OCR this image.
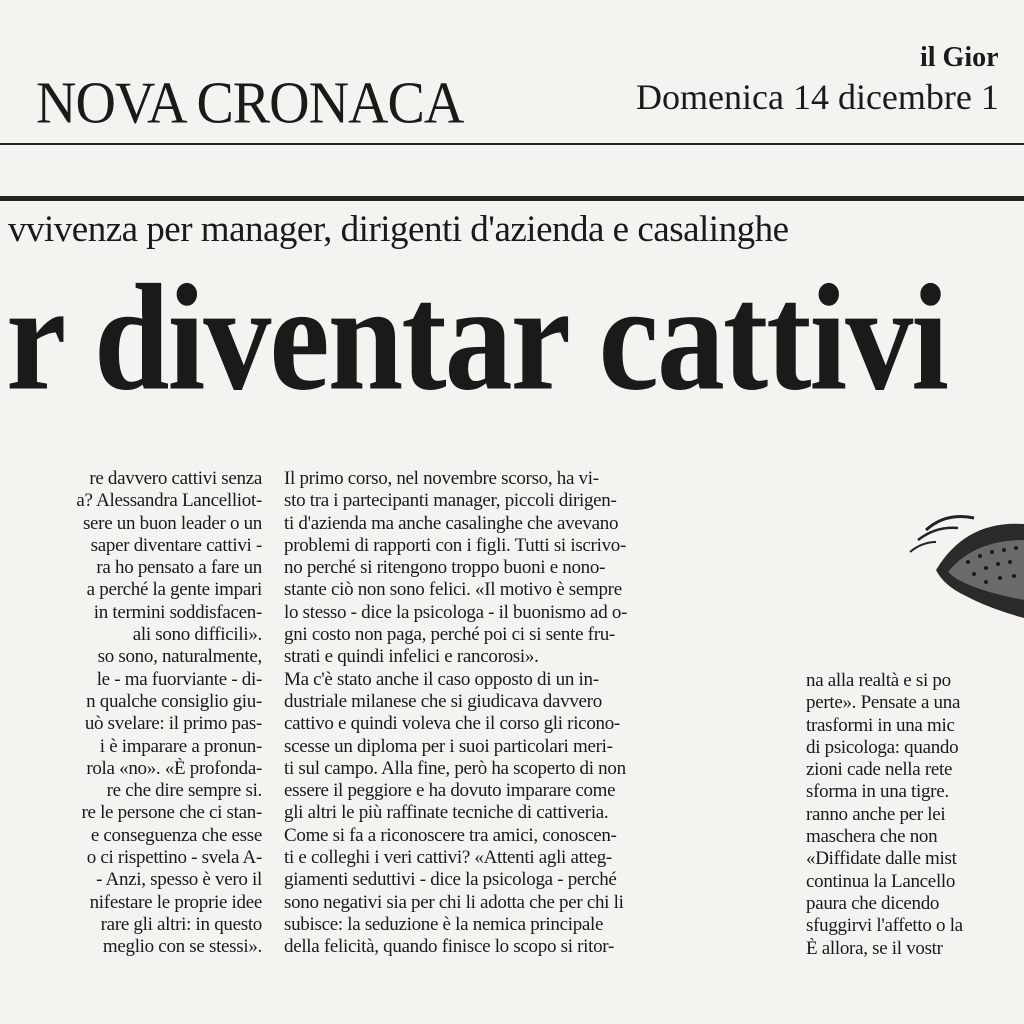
il Gior
NOVA CRONACA	Domenica 14 dicembre 1
vvivenza per manager, dirigenti d'azienda e casalinghe
r diventar cattivi
re davvero cattivi senza
a? Alessandra Lancelliot-
sere un buon leader o un
saper diventare cattivi -
ra ho pensato a fare un
a perché la gente impari
in termini soddisfacen-
ali sono difficili».
so sono, naturalmente,
le - ma fuorviante - di-
n qualche consiglio giu-
uò svelare: il primo pas-
i è imparare a pronun-
rola «no». «È profonda-
re che dire sempre si.
re le persone che ci stan-
e conseguenza che esse
o ci rispettino - svela A-
- Anzi, spesso è vero il
nifestare le proprie idee
rare gli altri: in questo
meglio con se stessi».
Il primo corso, nel novembre scorso, ha vi-
sto tra i partecipanti manager, piccoli dirigen-
ti d'azienda ma anche casalinghe che avevano
problemi di rapporti con i figli. Tutti si iscrivo-
no perché si ritengono troppo buoni e nono-
stante ciò non sono felici. «Il motivo è sempre
lo stesso - dice la psicologa - il buonismo ad o-
gni costo non paga, perché poi ci si sente fru-
strati e quindi infelici e rancorosi».
Ma c'è stato anche il caso opposto di un in-
dustriale milanese che si giudicava davvero
cattivo e quindi voleva che il corso gli ricono-
scesse un diploma per i suoi particolari meri-
ti sul campo. Alla fine, però ha scoperto di non
essere il peggiore e ha dovuto imparare come
gli altri le più raffinate tecniche di cattiveria.
Come si fa a riconoscere tra amici, conoscen-
ti e colleghi i veri cattivi? «Attenti agli atteg-
giamenti seduttivi - dice la psicologa - perché
sono negativi sia per chi li adotta che per chi li
subisce: la seduzione è la nemica principale
della felicità, quando finisce lo scopo si ritor-
na alla realtà e si po
perte». Pensate a una
trasformi in una mic
di psicologa: quando
zioni cade nella rete
sforma in una tigre.
ranno anche per lei
maschera che non
«Diffidate dalle mist
continua la Lancello
paura che dicendo
sfuggirvi l'affetto o la
È allora, se il vostr
